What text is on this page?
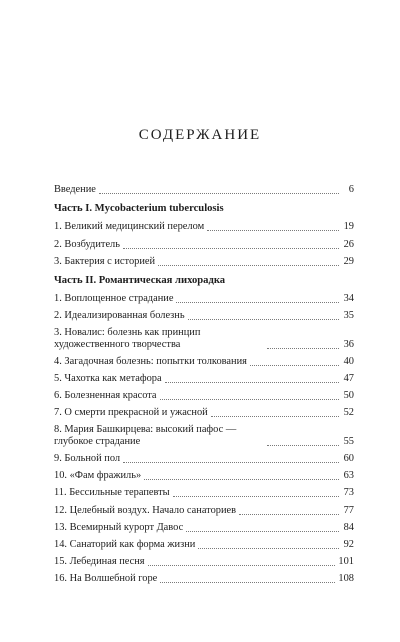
СОДЕРЖАНИЕ
Введение	6
Часть I. Mycobacterium tuberculosis
1. Великий медицинский перелом	19
2. Возбудитель	26
3. Бактерия с историей	29
Часть II. Романтическая лихорадка
1. Воплощенное страдание	34
2. Идеализированная болезнь	35
3. Новалис: болезнь как принцип художественного творчества	36
4. Загадочная болезнь: попытки толкования	40
5. Чахотка как метафора	47
6. Болезненная красота	50
7. О смерти прекрасной и ужасной	52
8. Мария Башкирцева: высокий пафос — глубокое страдание	55
9. Больной пол	60
10. «Фам фражиль»	63
11. Бессильные терапевты	73
12. Целебный воздух. Начало санаториев	77
13. Всемирный курорт Давос	84
14. Санаторий как форма жизни	92
15. Лебединая песня	101
16. На Волшебной горе	108
